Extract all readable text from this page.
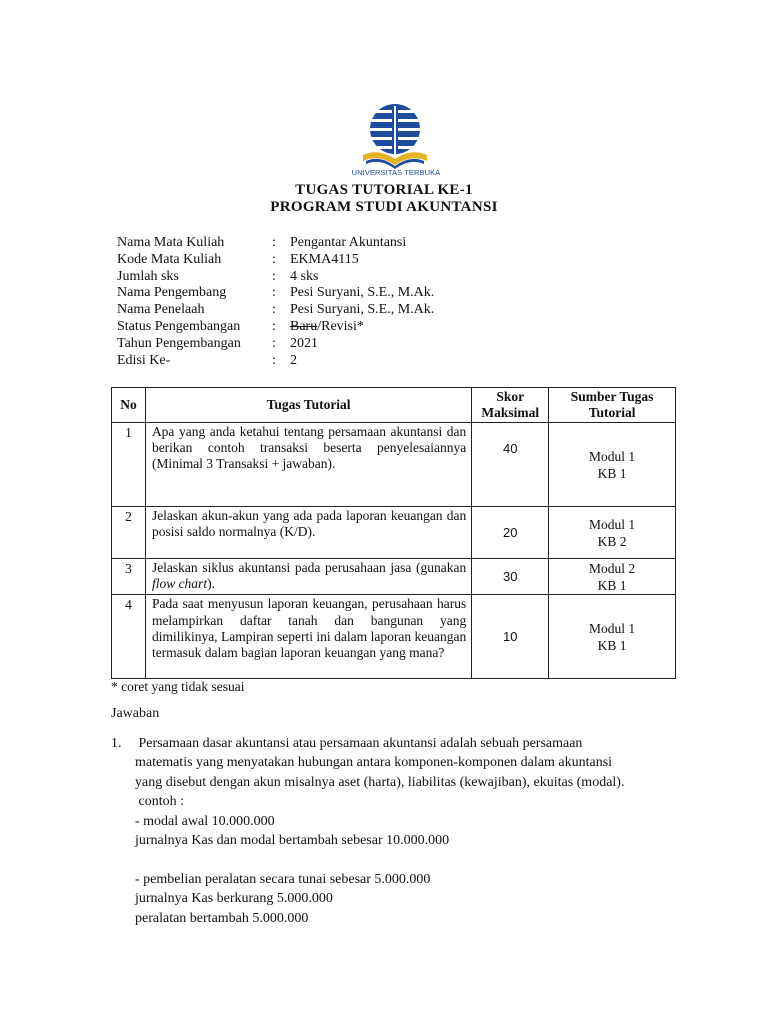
UNIVERSITAS TERBUKA
TUGAS TUTORIAL KE-1
PROGRAM STUDI AKUNTANSI
Nama Mata Kuliah	:	Pengantar Akuntansi
Kode Mata Kuliah	:	EKMA4115
Jumlah sks	:	4 sks
Nama Pengembang	:	Pesi Suryani, S.E., M.Ak.
Nama Penelaah	:	Pesi Suryani, S.E., M.Ak.
Status Pengembangan	:	Baru/Revisi*
Tahun Pengembangan	:	2021
Edisi Ke-	:	2
No	Tugas Tutorial	Skor Maksimal	Sumber Tugas Tutorial
1	Apa yang anda ketahui tentang persamaan akuntansi dan berikan contoh transaksi beserta penyelesaiannya (Minimal 3 Transaksi + jawaban).	40	Modul 1
KB 1

2	Jelaskan akun-akun yang ada pada laporan keuangan dan posisi saldo normalnya (K/D).	20	Modul 1
KB 2

3	Jelaskan siklus akuntansi pada perusahaan jasa (gunakan flow chart).	30	Modul 2
KB 1

4	Pada saat menyusun laporan keuangan, perusahaan harus melampirkan daftar tanah dan bangunan yang dimilikinya, Lampiran seperti ini dalam laporan keuangan termasuk dalam bagian laporan keuangan yang mana?	10	Modul 1
KB 1
* coret yang tidak sesuai
Jawaban
1. Persamaan dasar akuntansi atau persamaan akuntansi adalah sebuah persamaan
matematis yang menyatakan hubungan antara komponen-komponen dalam akuntansi
yang disebut dengan akun misalnya aset (harta), liabilitas (kewajiban), ekuitas (modal).
contoh :
- modal awal 10.000.000
jurnalnya Kas dan modal bertambah sebesar 10.000.000
- pembelian peralatan secara tunai sebesar 5.000.000
jurnalnya Kas berkurang 5.000.000
peralatan bertambah 5.000.000
